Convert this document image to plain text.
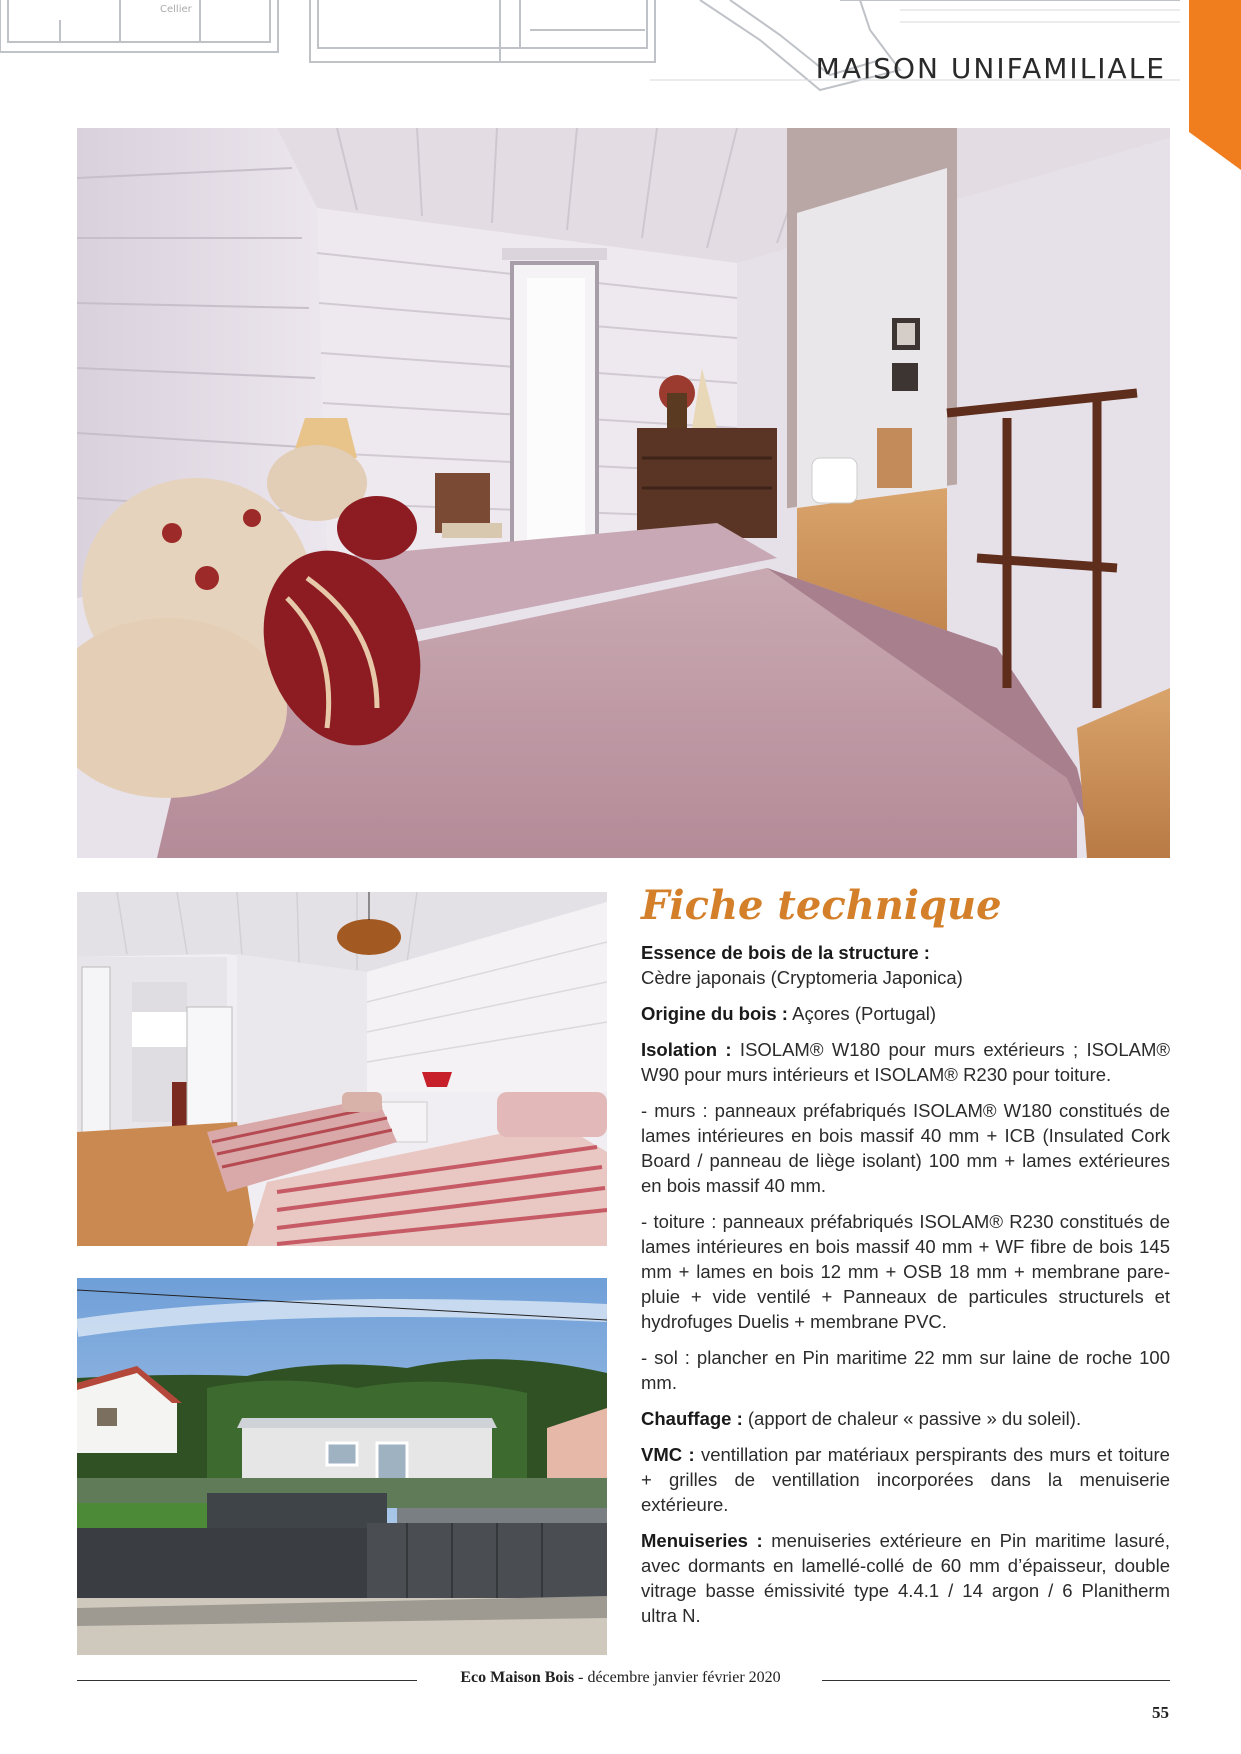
Cellier
MAISON UNIFAMILIALE
Fiche technique

Essence de bois de la structure :
Cèdre japonais (Cryptomeria Japonica)

Origine du bois : Açores (Portugal)

Isolation : ISOLAM® W180 pour murs extérieurs ; ISOLAM® W90 pour murs intérieurs et ISOLAM® R230 pour toiture.

- murs : panneaux préfabriqués ISOLAM® W180 constitués de lames intérieures en bois massif 40 mm + ICB (Insulated Cork Board / panneau de liège isolant) 100 mm + lames extérieures en bois massif 40 mm.

- toiture : panneaux préfabriqués ISOLAM® R230 constitués de lames intérieures en bois massif 40 mm + WF fibre de bois 145 mm + lames en bois 12 mm + OSB 18 mm + membrane pare-pluie + vide ventilé + Panneaux de particules structurels et hydrofuges Duelis + membrane PVC.

- sol : plancher en Pin maritime 22 mm sur laine de roche 100 mm.

Chauffage : (apport de chaleur « passive » du soleil).

VMC : ventillation par matériaux perspirants des murs et toiture + grilles de ventillation incorporées dans la menuiserie extérieure.

Menuiseries : menuiseries extérieure en Pin maritime lasuré, avec dormants en lamellé-collé de 60 mm d’épaisseur, double vitrage basse émissivité type 4.4.1 / 14 argon / 6 Planitherm ultra N.

Eco Maison Bois - décembre janvier février 2020
55
